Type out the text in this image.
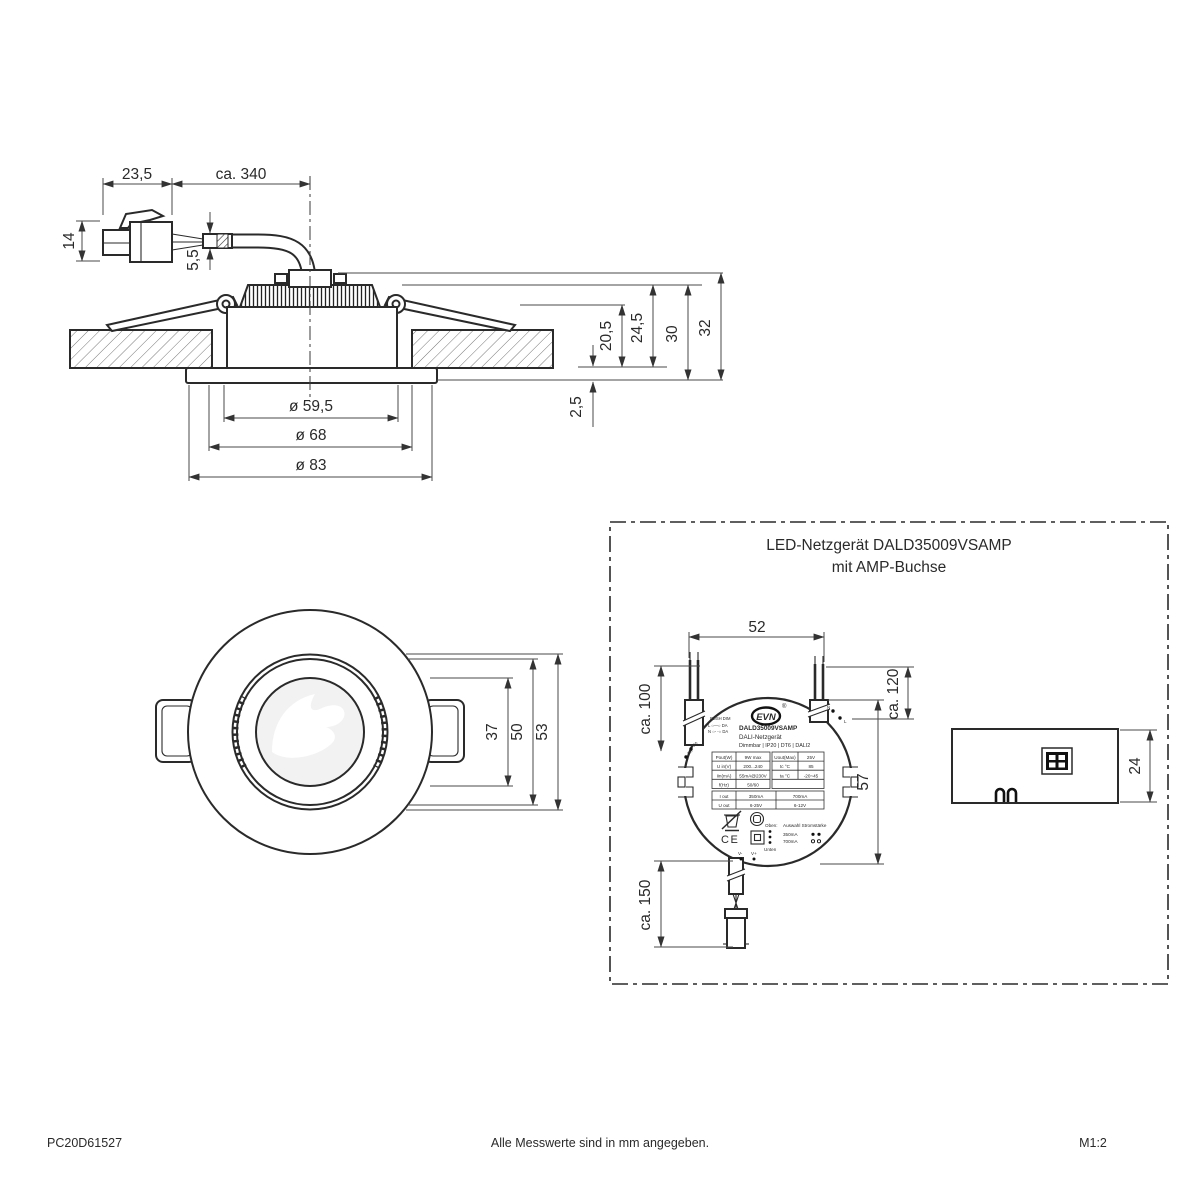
23,5	ca. 340
14
5,5
20,5 24,5 30 32
2,5
ø 59,5
ø 68
ø 83
37 50 53
LED-Netzgerät DALD35009VSAMP
mit AMP-Buchse
EVN
®
PUSH DIM
L ○—○ DA
N ○- -○ DA DALD35009VSAMP
DALI-Netzgerät
Dimmbar | IP20 | DT6 | DALI2
N
L
DA
DA
Pout(W)	9W max	Uout(Max) 25V
U in(V)	200...240	tc °C	85
Iin(mA) 55mA@230V	ta °C	-20~45
f(Hz)	50/60
I out	350mA	700mA
U out	6-25V	6-12V
CE
Oben:
Unten
Auswahl Stromstärke
350mA
700mA
V- V+
52
ca. 100	ca. 120
57
ca. 150
24
PC20D61527	Alle Messwerte sind in mm angegeben.	M1:2
